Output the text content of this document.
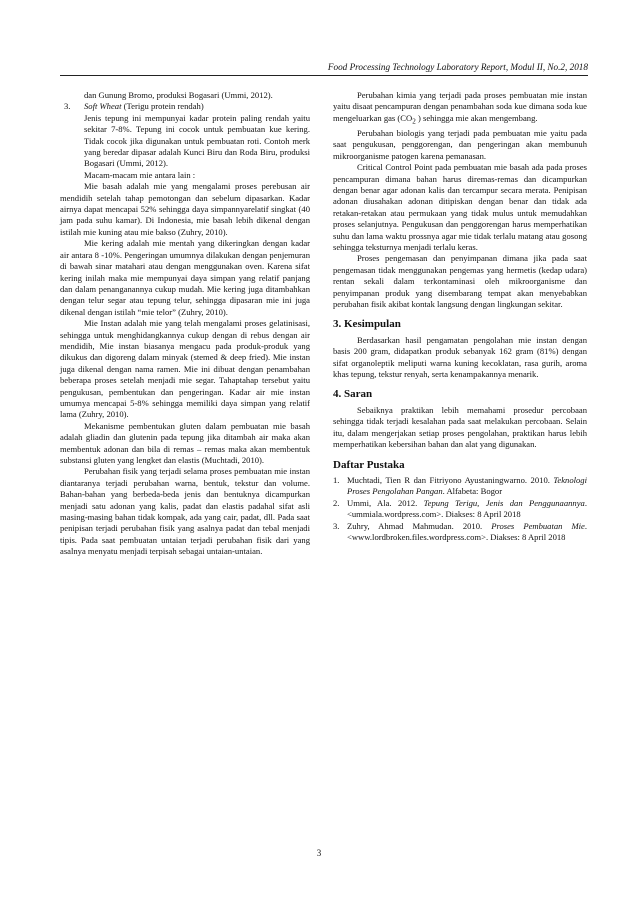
Food Processing Technology Laboratory Report, Modul II, No.2, 2018

dan Gunung Bromo, produksi Bogasari (Ummi, 2012).

3. Soft Wheat (Terigu protein rendah)

Jenis tepung ini mempunyai kadar protein paling rendah yaitu sekitar 7-8%. Tepung ini cocok untuk pembuatan kue kering. Tidak cocok jika digunakan untuk pembuatan roti. Contoh merk yang beredar dipasar adalah Kunci Biru dan Roda Biru, produksi Bogasari (Ummi, 2012).

Macam-macam mie antara lain :

Mie basah adalah mie yang mengalami proses perebusan air mendidih setelah tahap pemotongan dan sebelum dipasarkan. Kadar airnya dapat mencapai 52% sehingga daya simpannyarelatif singkat (40 jam pada suhu kamar). Di Indonesia, mie basah lebih dikenal dengan istilah mie kuning atau mie bakso (Zuhry, 2010).

Mie kering adalah mie mentah yang dikeringkan dengan kadar air antara 8 -10%. Pengeringan umumnya dilakukan dengan penjemuran di bawah sinar matahari atau dengan menggunakan oven. Karena sifat kering inilah maka mie mempunyai daya simpan yang relatif panjang dan dalam penanganannya cukup mudah. Mie kering juga ditambahkan dengan telur segar atau tepung telur, sehingga dipasaran mie ini juga dikenal dengan istilah “mie telor” (Zuhry, 2010).

Mie Instan adalah mie yang telah mengalami proses gelatinisasi, sehingga untuk menghidangkannya cukup dengan di rebus dengan air mendidih, Mie instan biasanya mengacu pada produk-produk yang dikukus dan digoreng dalam minyak (stemed & deep fried). Mie instan juga dikenal dengan nama ramen. Mie ini dibuat dengan penambahan beberapa proses setelah menjadi mie segar. Tahaptahap tersebut yaitu pengukusan, pembentukan dan pengeringan. Kadar air mie instan umumya mencapai 5-8% sehingga memiliki daya simpan yang relatif lama (Zuhry, 2010).

Mekanisme pembentukan gluten dalam pembuatan mie basah adalah gliadin dan glutenin pada tepung jika ditambah air maka akan membentuk adonan dan bila di remas – remas maka akan membentuk substansi gluten yang lengket dan elastis (Muchtadi, 2010).

Perubahan fisik yang terjadi selama proses pembuatan mie instan diantaranya terjadi perubahan warna, bentuk, tekstur dan volume. Bahan-bahan yang berbeda-beda jenis dan bentuknya dicampurkan menjadi satu adonan yang kalis, padat dan elastis padahal sifat asli masing-masing bahan tidak kompak, ada yang cair, padat, dll. Pada saat penipisan terjadi perubahan fisik yang asalnya padat dan tebal menjadi tipis. Pada saat pembuatan untaian terjadi perubahan fisik dari yang asalnya menyatu menjadi terpisah sebagai untaian-untaian.

Perubahan kimia yang terjadi pada proses pembuatan mie instan yaitu disaat pencampuran dengan penambahan soda kue dimana soda kue mengeluarkan gas ($CO_2$ ) sehingga mie akan mengembang.

Perubahan biologis yang terjadi pada pembuatan mie yaitu pada saat pengukusan, penggorengan, dan pengeringan akan membunuh mikroorganisme patogen karena pemanasan.

Critical Control Point pada pembuatan mie basah ada pada proses pencampuran dimana bahan harus diremas-remas dan dicampurkan dengan benar agar adonan kalis dan tercampur secara merata. Penipisan adonan diusahakan adonan ditipiskan dengan benar dan tidak ada retakan-retakan atau permukaan yang tidak mulus untuk memudahkan proses selanjutnya. Pengukusan dan penggorengan harus memperhatikan suhu dan lama waktu prossnya agar mie tidak terlalu matang atau gosong sehingga teksturnya menjadi terlalu keras.

Proses pengemasan dan penyimpanan dimana jika pada saat pengemasan tidak menggunakan pengemas yang hermetis (kedap udara) rentan sekali dalam terkontaminasi oleh mikroorganisme dan penyimpanan produk yang disembarang tempat akan menyebabkan perubahan fisik akibat kontak langsung dengan lingkungan sekitar.

3. Kesimpulan

Berdasarkan hasil pengamatan pengolahan mie instan dengan basis 200 gram, didapatkan produk sebanyak 162 gram (81%) dengan sifat organoleptik meliputi warna kuning kecoklatan, rasa gurih, aroma khas tepung, tekstur renyah, serta kenampakannya menarik.

4. Saran

Sebaiknya praktikan lebih memahami prosedur percobaan sehingga tidak terjadi kesalahan pada saat melakukan percobaan. Selain itu, dalam mengerjakan setiap proses pengolahan, praktikan harus lebih memperhatikan kebersihan bahan dan alat yang digunakan.

Daftar Pustaka

1. Muchtadi, Tien R dan Fitriyono Ayustaningwarno. 2010. Teknologi Proses Pengolahan Pangan. Alfabeta: Bogor

2. Ummi, Ala. 2012. Tepung Terigu, Jenis dan Penggunaannya. <ummiala.wordpress.com>. Diakses: 8 April 2018

3. Zuhry, Ahmad Mahmudan. 2010. Proses Pembuatan Mie. <www.lordbroken.files.wordpress.com>. Diakses: 8 April 2018

3
